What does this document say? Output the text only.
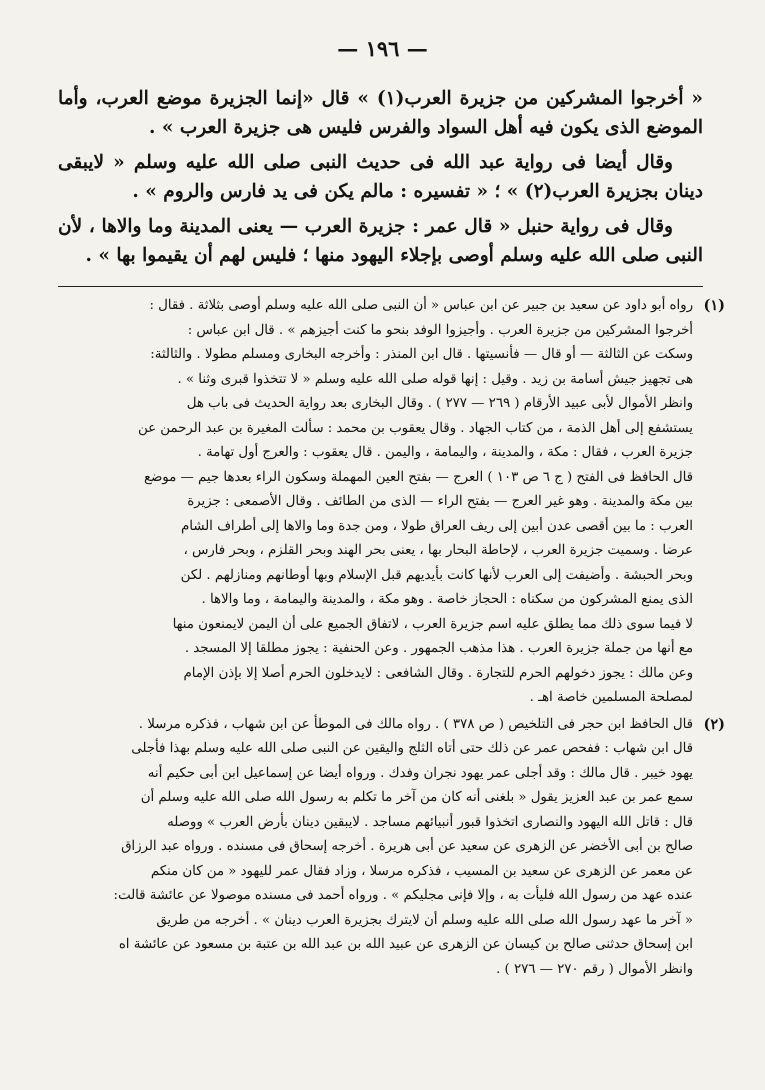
— ١٩٦ —

« أخرجوا المشركين من جزيرة العرب(١) » قال «إنما الجزيرة موضع العرب، وأما الموضع الذى يكون فيه أهل السواد والفرس فليس هى جزيرة العرب » .

وقال أيضا فى رواية عبد الله فى حديث النبى صلى الله عليه وسلم « لايبقى دينان بجزيرة العرب(٢) » ؛ « تفسيره : مالم يكن فى يد فارس والروم » .

وقال فى رواية حنبل « قال عمر : جزيرة العرب — يعنى المدينة وما والاها ، لأن النبى صلى الله عليه وسلم أوصى بإجلاء اليهود منها ؛ فليس لهم أن يقيموا بها » .

(١)
رواه أبو داود عن سعيد بن جبير عن ابن عباس « أن النبى صلى الله عليه وسلم أوصى بثلاثة . فقال :
أخرجوا المشركين من جزيرة العرب . وأجيزوا الوفد بنحو ما كنت أجيزهم » . قال ابن عباس :
وسكت عن الثالثة — أو قال — فأنسيتها . قال ابن المنذر : وأخرجه البخارى ومسلم مطولا . والثالثة:
هى تجهيز جيش أسامة بن زيد . وقيل : إنها قوله صلى الله عليه وسلم « لا تتخذوا قبرى وثنا » .
وانظر الأموال لأبى عبيد الأرقام ( ٢٦٩ — ٢٧٧ ) . وقال البخارى بعد رواية الحديث فى باب هل
يستشفع إلى أهل الذمة ، من كتاب الجهاد . وقال يعقوب بن محمد : سألت المغيرة بن عبد الرحمن عن
جزيرة العرب ، فقال : مكة ، والمدينة ، واليمامة ، واليمن . قال يعقوب : والعرج أول تهامة .
قال الحافظ فى الفتح ( ج ٦ ص ١٠٣ ) العرج — بفتح العين المهملة وسكون الراء بعدها جيم — موضع
بين مكة والمدينة . وهو غير العرج — بفتح الراء — الذى من الطائف . وقال الأصمعى : جزيرة
العرب : ما بين أقصى عدن أبين إلى ريف العراق طولا ، ومن جدة وما والاها إلى أطراف الشام
عرضا . وسميت جزيرة العرب ، لإحاطة البحار بها ، يعنى بحر الهند وبحر القلزم ، وبحر فارس ،
وبحر الحبشة . وأضيفت إلى العرب لأنها كانت بأيديهم قبل الإسلام وبها أوطانهم ومنازلهم . لكن
الذى يمنع المشركون من سكناه : الحجاز خاصة . وهو مكة ، والمدينة واليمامة ، وما والاها .
لا فيما سوى ذلك مما يطلق عليه اسم جزيرة العرب ، لاتفاق الجميع على أن اليمن لايمنعون منها
مع أنها من جملة جزيرة العرب . هذا مذهب الجمهور . وعن الحنفية : يجوز مطلقا إلا المسجد .
وعن مالك : يجوز دخولهم الحرم للتجارة . وقال الشافعى : لايدخلون الحرم أصلا إلا بإذن الإمام
لمصلحة المسلمين خاصة اهـ .
(٢)
قال الحافظ ابن حجر فى التلخيص ( ص ٣٧٨ ) . رواه مالك فى الموطأ عن ابن شهاب ، فذكره مرسلا .
قال ابن شهاب : ففحص عمر عن ذلك حتى أتاه الثلج واليقين عن النبى صلى الله عليه وسلم بهذا فأجلى
يهود خيبر . قال مالك : وقد أجلى عمر يهود نجران وفدك . ورواه أيضا عن إسماعيل ابن أبى حكيم أنه
سمع عمر بن عبد العزيز يقول « بلغنى أنه كان من آخر ما تكلم به رسول الله صلى الله عليه وسلم أن
قال : قاتل الله اليهود والنصارى اتخذوا قبور أنبيائهم مساجد . لايبقين دينان بأرض العرب » ووصله
صالح بن أبى الأخضر عن الزهرى عن سعيد عن أبى هريرة . أخرجه إسحاق فى مسنده . ورواه عبد الرزاق
عن معمر عن الزهرى عن سعيد بن المسيب ، فذكره مرسلا ، وزاد فقال عمر لليهود « من كان منكم
عنده عهد من رسول الله فليأت به ، وإلا فإنى مجليكم » . ورواه أحمد فى مسنده موصولا عن عائشة قالت:
« آخر ما عهد رسول الله صلى الله عليه وسلم أن لايترك بجزيرة العرب دينان » . أخرجه من طريق
ابن إسحاق حدثنى صالح بن كيسان عن الزهرى عن عبيد الله بن عبد الله بن عتبة بن مسعود عن عائشة اه
وانظر الأموال ( رقم ٢٧٠ — ٢٧٦ ) .
